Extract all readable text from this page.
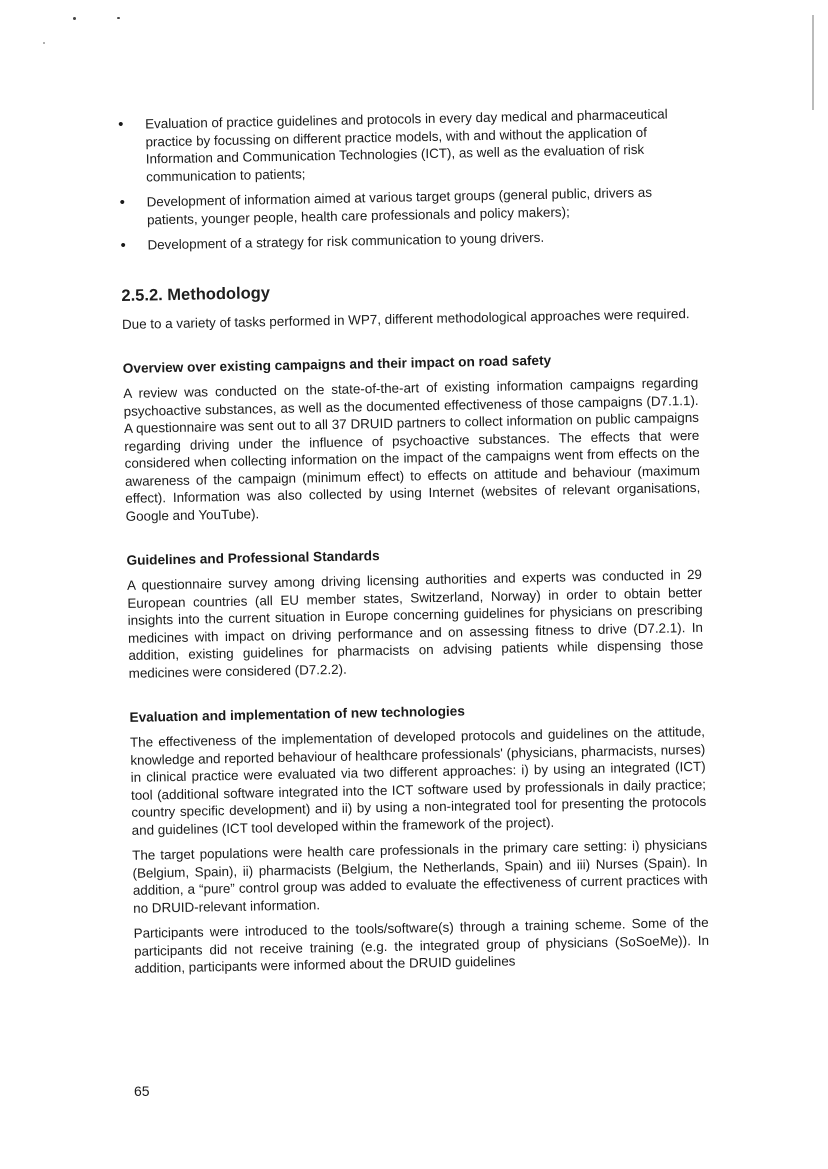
• Evaluation of practice guidelines and protocols in every day medical and pharmaceutical practice by focussing on different practice models, with and without the application of Information and Communication Technologies (ICT), as well as the evaluation of risk communication to patients;
• Development of information aimed at various target groups (general public, drivers as patients, younger people, health care professionals and policy makers);
• Development of a strategy for risk communication to young drivers.
2.5.2. Methodology

Due to a variety of tasks performed in WP7, different methodological approaches were required.

Overview over existing campaigns and their impact on road safety

A review was conducted on the state-of-the-art of existing information campaigns regarding psychoactive substances, as well as the documented effectiveness of those campaigns (D7.1.1). A questionnaire was sent out to all 37 DRUID partners to collect information on public campaigns regarding driving under the influence of psychoactive substances. The effects that were considered when collecting information on the impact of the campaigns went from effects on the awareness of the campaign (minimum effect) to effects on attitude and behaviour (maximum effect). Information was also collected by using Internet (websites of relevant organisations, Google and YouTube).

Guidelines and Professional Standards

A questionnaire survey among driving licensing authorities and experts was conducted in 29 European countries (all EU member states, Switzerland, Norway) in order to obtain better insights into the current situation in Europe concerning guidelines for physicians on prescribing medicines with impact on driving performance and on assessing fitness to drive (D7.2.1). In addition, existing guidelines for pharmacists on advising patients while dispensing those medicines were considered (D7.2.2).

Evaluation and implementation of new technologies

The effectiveness of the implementation of developed protocols and guidelines on the attitude, knowledge and reported behaviour of healthcare professionals' (physicians, pharmacists, nurses) in clinical practice were evaluated via two different approaches: i) by using an integrated (ICT) tool (additional software integrated into the ICT software used by professionals in daily practice; country specific development) and ii) by using a non-integrated tool for presenting the protocols and guidelines (ICT tool developed within the framework of the project).

The target populations were health care professionals in the primary care setting: i) physicians (Belgium, Spain), ii) pharmacists (Belgium, the Netherlands, Spain) and iii) Nurses (Spain). In addition, a “pure” control group was added to evaluate the effectiveness of current practices with no DRUID-relevant information.

Participants were introduced to the tools/software(s) through a training scheme. Some of the participants did not receive training (e.g. the integrated group of physicians (SoSoeMe)). In addition, participants were informed about the DRUID guidelines

65
